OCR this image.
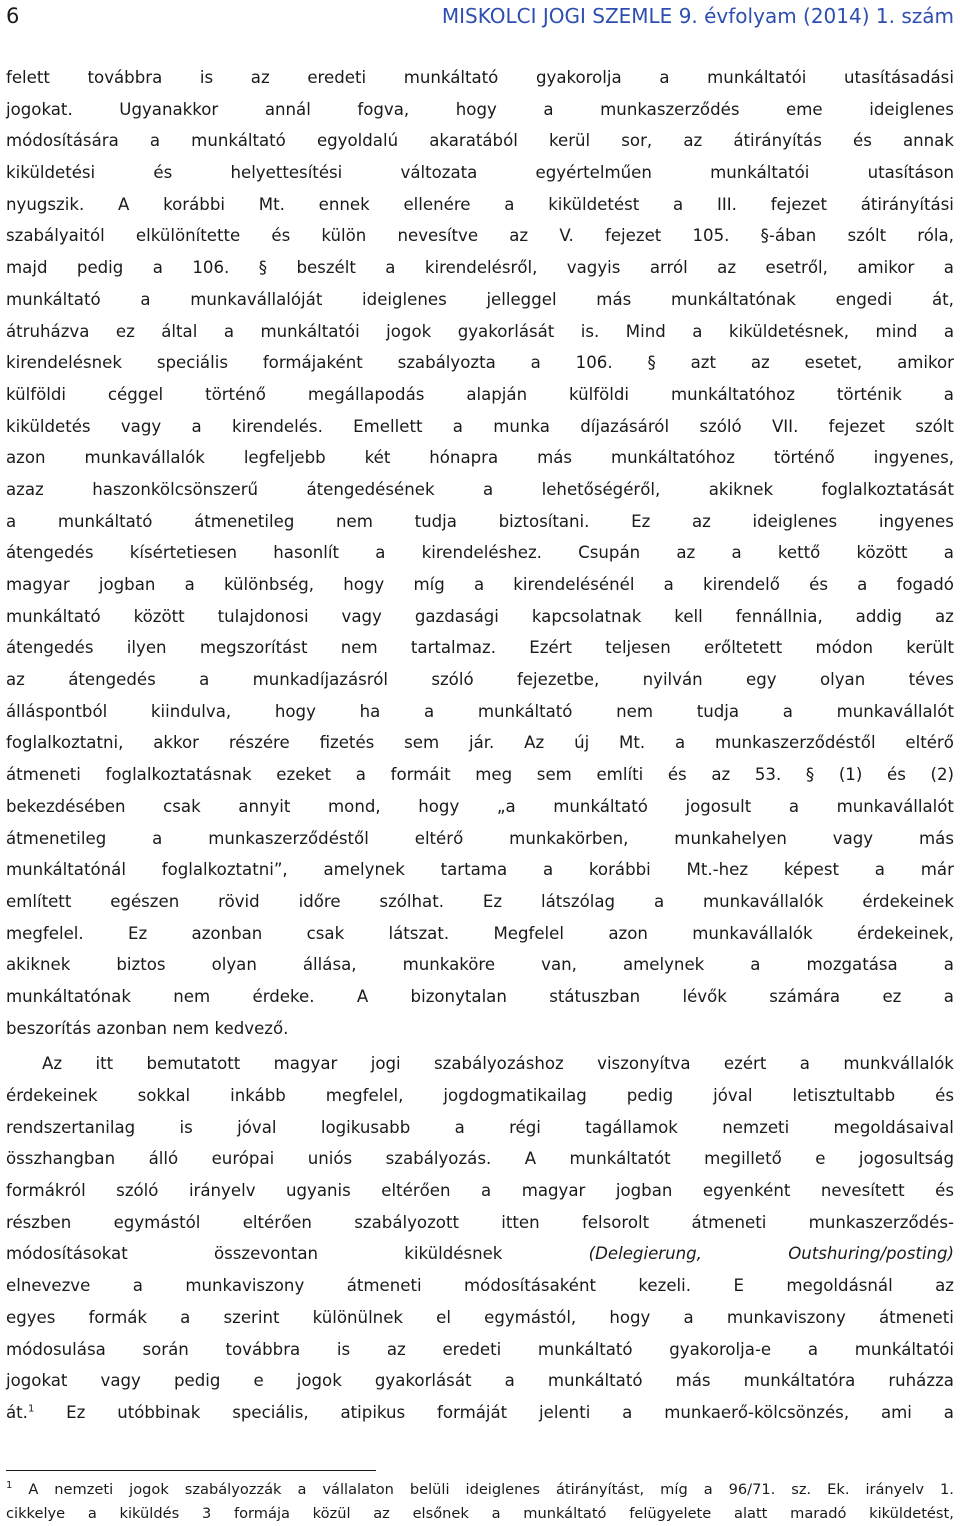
6	MISKOLCI JOGI SZEMLE 9. évfolyam (2014) 1. szám
felett továbbra is az eredeti munkáltató gyakorolja a munkáltatói utasításadási
jogokat.	Ugyanakkor	annál	fogva,	hogy	a	munkaszerződés	eme	ideiglenes
módosítására a munkáltató egyoldalú akaratából kerül sor, az átirányítás és annak
kiküldetési	és	helyettesítési	változata	egyértelműen	munkáltatói	utasításon
nyugszik. A korábbi Mt. ennek ellenére a kiküldetést a III. fejezet átirányítási
szabályaitól elkülönítette és külön nevesítve az V. fejezet 105. §-ában szólt róla,
majd pedig a 106. § beszélt a kirendelésről, vagyis arról az esetről, amikor a
munkáltató a munkavállalóját ideiglenes jelleggel más munkáltatónak engedi át,
átruházva ez által a munkáltatói jogok gyakorlását is. Mind a kiküldetésnek, mind a
kirendelésnek speciális formájaként szabályozta a 106. § azt az esetet, amikor
külföldi	céggel	történő	megállapodás	alapján	külföldi	munkáltatóhoz	történik	a
kiküldetés vagy a kirendelés. Emellett a munka díjazásáról szóló VII. fejezet szólt
azon munkavállalók legfeljebb két hónapra más munkáltatóhoz történő ingyenes,
azaz	haszonkölcsönszerű	átengedésének	a	lehetőségéről,	akiknek	foglalkoztatását
a	munkáltató	átmenetileg	nem	tudja	biztosítani.	Ez	az	ideiglenes	ingyenes
átengedés kísértetiesen hasonlít a kirendeléshez. Csupán az a kettő között a
magyar jogban a különbség, hogy míg a kirendelésénél a kirendelő és a fogadó
munkáltató között tulajdonosi vagy gazdasági kapcsolatnak kell fennállnia, addig az
átengedés ilyen megszorítást nem tartalmaz. Ezért teljesen erőltetett módon került
az	átengedés	a	munkadíjazásról	szóló	fejezetbe,	nyilván	egy	olyan	téves
álláspontból	kiindulva,	hogy	ha	a	munkáltató	nem	tudja	a	munkavállalót
foglalkoztatni, akkor részére fizetés sem jár. Az új Mt. a munkaszerződéstől eltérő
átmeneti foglalkoztatásnak ezeket a formáit meg sem említi és az 53. § (1) és (2)
bekezdésében csak annyit mond, hogy „a munkáltató jogosult a munkavállalót
átmenetileg	a	munkaszerződéstől	eltérő	munkakörben,	munkahelyen	vagy	más
munkáltatónál foglalkoztatni”, amelynek tartama a korábbi Mt.-hez képest a már
említett egészen rövid időre szólhat. Ez látszólag a munkavállalók érdekeinek
megfelel.	Ez	azonban	csak	látszat.	Megfelel	azon	munkavállalók	érdekeinek,
akiknek	biztos	olyan	állása,	munkaköre	van,	amelynek	a	mozgatása	a
munkáltatónak	nem	érdeke.	A	bizonytalan	státuszban	lévők	számára	ez	a
beszorítás azonban nem kedvező.
Az itt bemutatott magyar jogi szabályozáshoz viszonyítva ezért a munkvállalók
érdekeinek sokkal inkább megfelel, jogdogmatikailag pedig jóval letisztultabb és
rendszertanilag	is	jóval	logikusabb	a	régi	tagállamok	nemzeti	megoldásaival
összhangban álló európai uniós szabályozás. A munkáltatót megillető e jogosultság
formákról szóló irányelv ugyanis eltérően a magyar jogban egyenként nevesített és
részben	egymástól	eltérően	szabályozott	itten	felsorolt	átmeneti	munkaszerződés-
módosításokat	összevontan	kiküldésnek	(Delegierung,	Outshuring/posting)
elnevezve	a	munkaviszony	átmeneti	módosításaként	kezeli.	E	megoldásnál	az
egyes formák a szerint különülnek el egymástól, hogy a munkaviszony átmeneti
módosulása során továbbra is az eredeti munkáltató gyakorolja-e a munkáltatói
jogokat vagy pedig e jogok gyakorlását a munkáltató más munkáltatóra ruházza
át.$^1$ Ez utóbbinak speciális, atipikus formáját jelenti a munkaerő-kölcsönzés, ami a
$^1$ A nemzeti jogok szabályozzák a vállalaton belüli ideiglenes átirányítást, míg a 96/71. sz. Ek. irányelv 1.
cikkelye a kiküldés 3 formája közül az elsőnek a munkáltató felügyelete alatt maradó kiküldetést,
